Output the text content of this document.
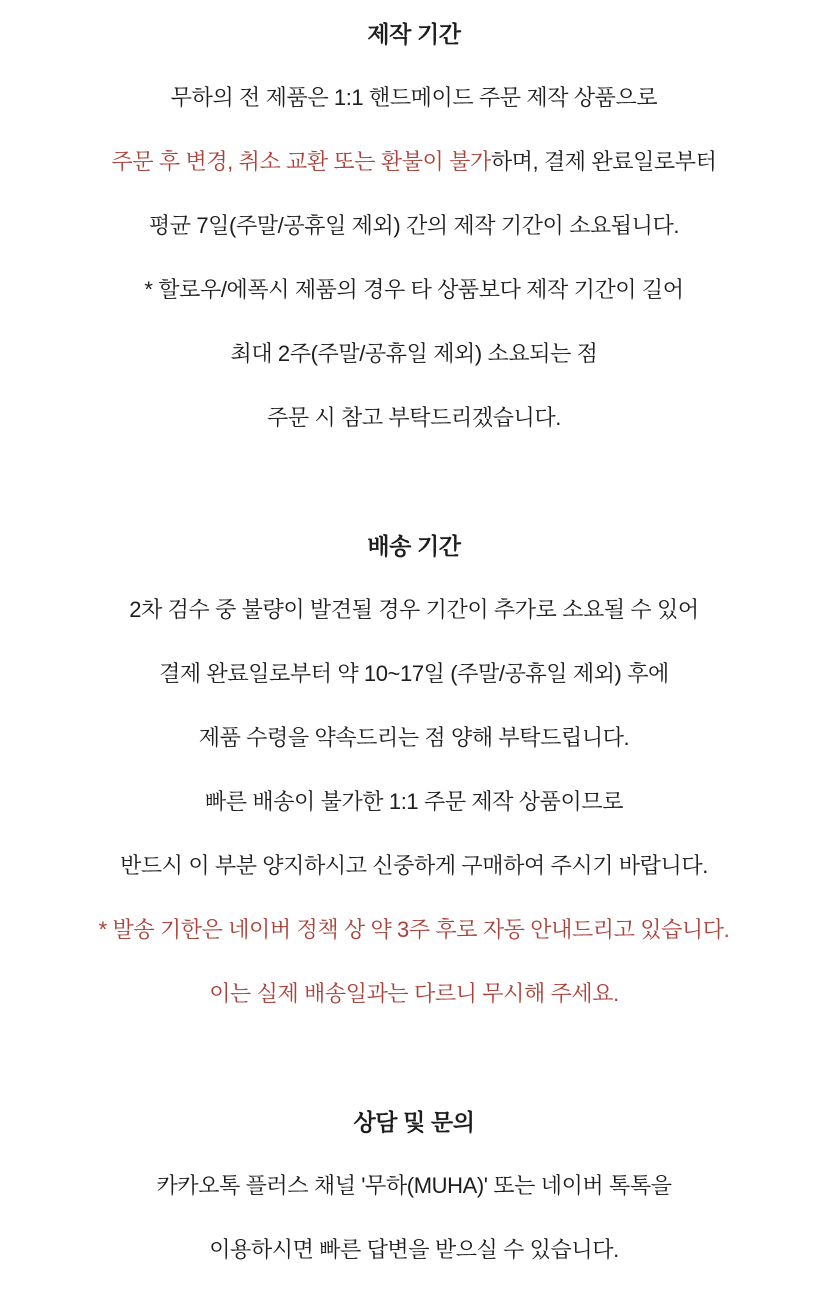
제작 기간

무하의 전 제품은 1:1 핸드메이드 주문 제작 상품으로

주문 후 변경, 취소 교환 또는 환불이 불가하며, 결제 완료일로부터

평균 7일(주말/공휴일 제외) 간의 제작 기간이 소요됩니다.

* 할로우/에폭시 제품의 경우 타 상품보다 제작 기간이 길어

최대 2주(주말/공휴일 제외) 소요되는 점

주문 시 참고 부탁드리겠습니다.

배송 기간

2차 검수 중 불량이 발견될 경우 기간이 추가로 소요될 수 있어

결제 완료일로부터 약 10~17일 (주말/공휴일 제외) 후에

제품 수령을 약속드리는 점 양해 부탁드립니다.

빠른 배송이 불가한 1:1 주문 제작 상품이므로

반드시 이 부분 양지하시고 신중하게 구매하여 주시기 바랍니다.

* 발송 기한은 네이버 정책 상 약 3주 후로 자동 안내드리고 있습니다.

이는 실제 배송일과는 다르니 무시해 주세요.

상담 및 문의

카카오톡 플러스 채널 '무하(MUHA)' 또는 네이버 톡톡을

이용하시면 빠른 답변을 받으실 수 있습니다.
